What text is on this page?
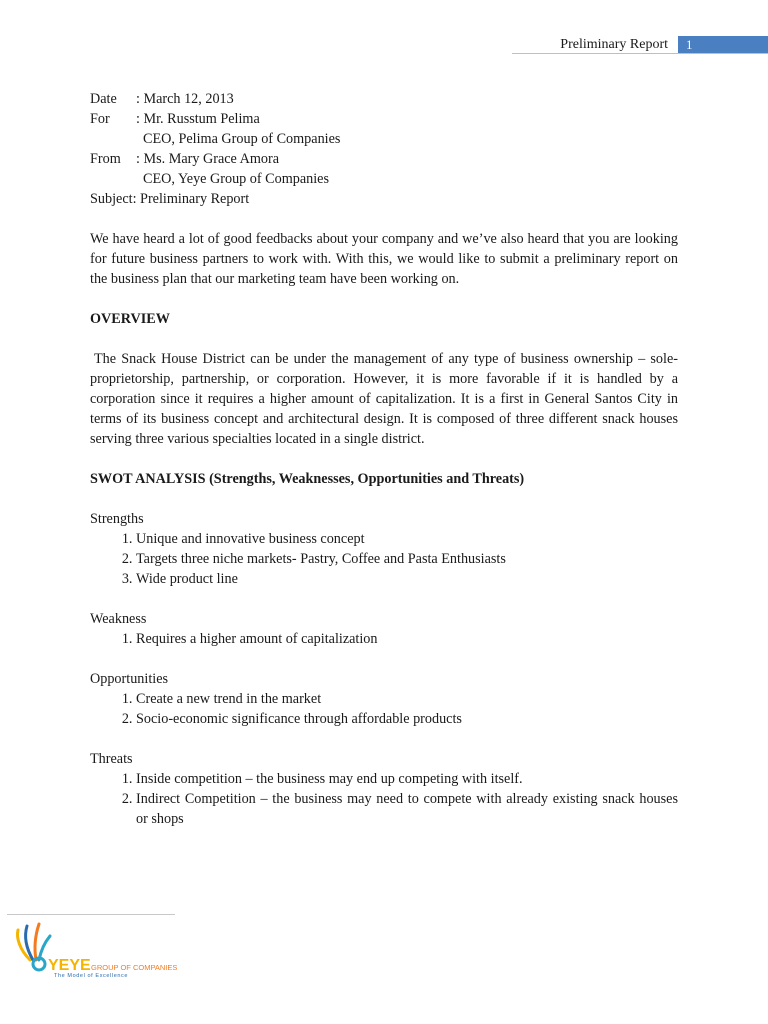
Preliminary Report 1
Date	: March 12, 2013
For	: Mr. Russtum Pelima
CEO, Pelima Group of Companies
From	: Ms. Mary Grace Amora
CEO, Yeye Group of Companies
Subject : Preliminary Report

We have heard a lot of good feedbacks about your company and we’ve also heard that you are looking for future business partners to work with. With this, we would like to submit a preliminary report on the business plan that our marketing team have been working on.

OVERVIEW

The Snack House District can be under the management of any type of business ownership – sole-proprietorship, partnership, or corporation. However, it is more favorable if it is handled by a corporation since it requires a higher amount of capitalization. It is a first in General Santos City in terms of its business concept and architectural design. It is composed of three different snack houses serving three various specialties located in a single district.

SWOT ANALYSIS (Strengths, Weaknesses, Opportunities and Threats)

Strengths

1. Unique and innovative business concept
2. Targets three niche markets- Pastry, Coffee and Pasta Enthusiasts
3. Wide product line

Weakness

1. Requires a higher amount of capitalization

Opportunities

1. Create a new trend in the market
2. Socio-economic significance through affordable products

Threats

1. Inside competition – the business may end up competing with itself.
2. Indirect Competition – the business may need to compete with already existing snack houses or shops
YEYE GROUP OF COMPANIES
The Model of Excellence
